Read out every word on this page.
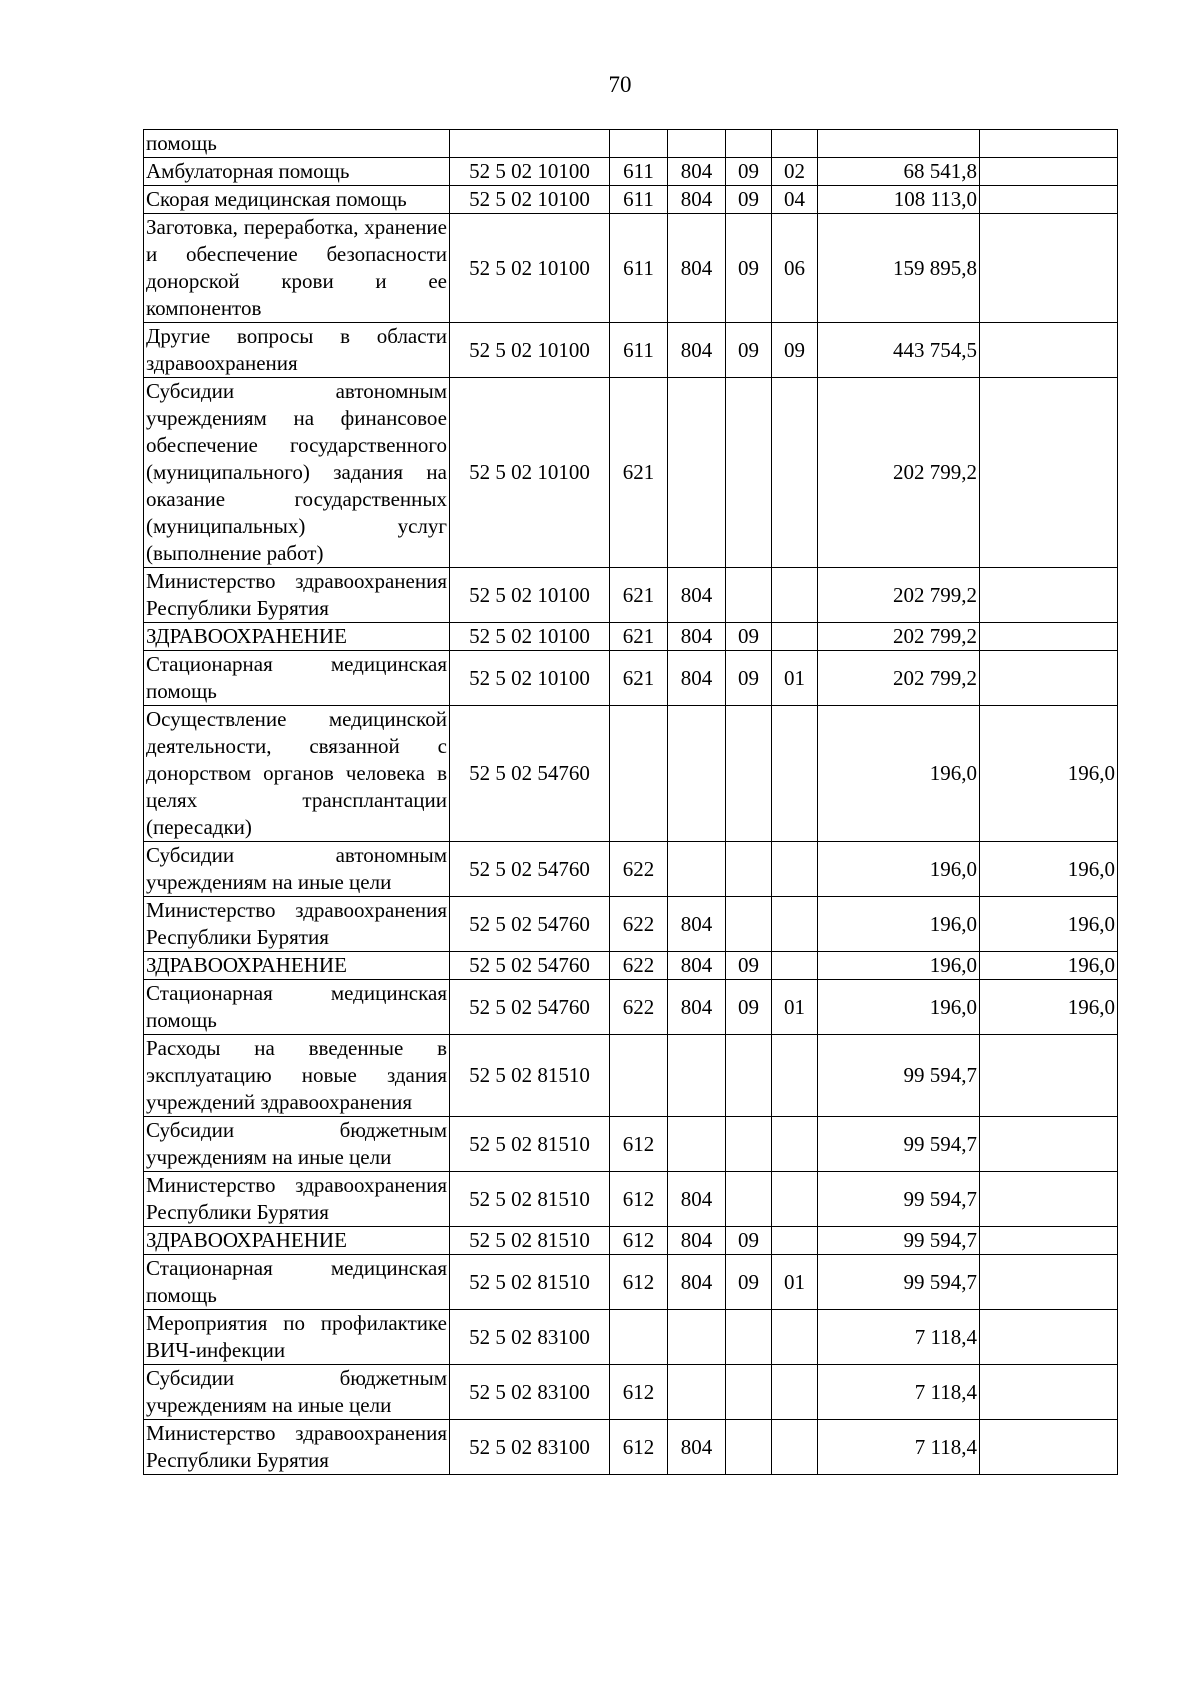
70
помощь							
Амбулаторная помощь	52 5 02 10100	611	804	09	02	68 541,8	
Скорая медицинская помощь	52 5 02 10100	611	804	09	04	108 113,0	
Заготовка, переработка, хранение и обеспечение безопасности донорской крови и ее компонентов	52 5 02 10100	611	804	09	06	159 895,8	
Другие вопросы в области здравоохранения	52 5 02 10100	611	804	09	09	443 754,5	
Субсидии автономным учреждениям на финансовое обеспечение государственного (муниципального) задания на оказание государственных (муниципальных) услуг (выполнение работ)	52 5 02 10100	621				202 799,2	
Министерство здравоохранения Республики Бурятия	52 5 02 10100	621	804			202 799,2	
ЗДРАВООХРАНЕНИЕ	52 5 02 10100	621	804	09		202 799,2	
Стационарная медицинская помощь	52 5 02 10100	621	804	09	01	202 799,2	
Осуществление медицинской деятельности, связанной с донорством органов человека в целях трансплантации (пересадки)	52 5 02 54760					196,0	196,0
Субсидии автономным учреждениям на иные цели	52 5 02 54760	622				196,0	196,0
Министерство здравоохранения Республики Бурятия	52 5 02 54760	622	804			196,0	196,0
ЗДРАВООХРАНЕНИЕ	52 5 02 54760	622	804	09		196,0	196,0
Стационарная медицинская помощь	52 5 02 54760	622	804	09	01	196,0	196,0
Расходы на введенные в эксплуатацию новые здания учреждений здравоохранения	52 5 02 81510					99 594,7	
Субсидии бюджетным учреждениям на иные цели	52 5 02 81510	612				99 594,7	
Министерство здравоохранения Республики Бурятия	52 5 02 81510	612	804			99 594,7	
ЗДРАВООХРАНЕНИЕ	52 5 02 81510	612	804	09		99 594,7	
Стационарная медицинская помощь	52 5 02 81510	612	804	09	01	99 594,7	
Мероприятия по профилактике ВИЧ-инфекции	52 5 02 83100					7 118,4	
Субсидии бюджетным учреждениям на иные цели	52 5 02 83100	612				7 118,4	
Министерство здравоохранения Республики Бурятия	52 5 02 83100	612	804			7 118,4	
